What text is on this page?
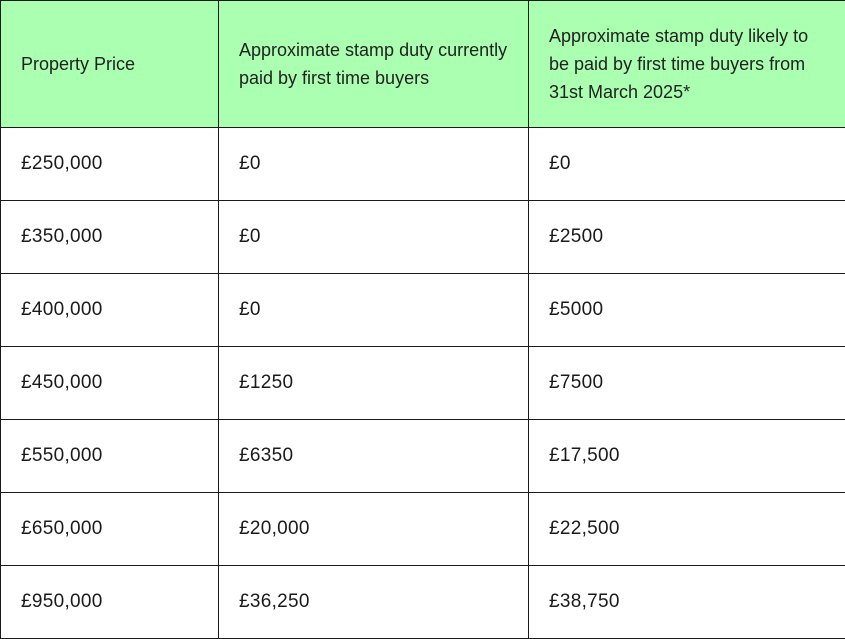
Property Price	Approximate stamp duty currently paid by first time buyers	Approximate stamp duty likely to be paid by first time buyers from 31st March 2025*
£250,000	£0	£0
£350,000	£0	£2500
£400,000	£0	£5000
£450,000	£1250	£7500
£550,000	£6350	£17,500
£650,000	£20,000	£22,500
£950,000	£36,250	£38,750
